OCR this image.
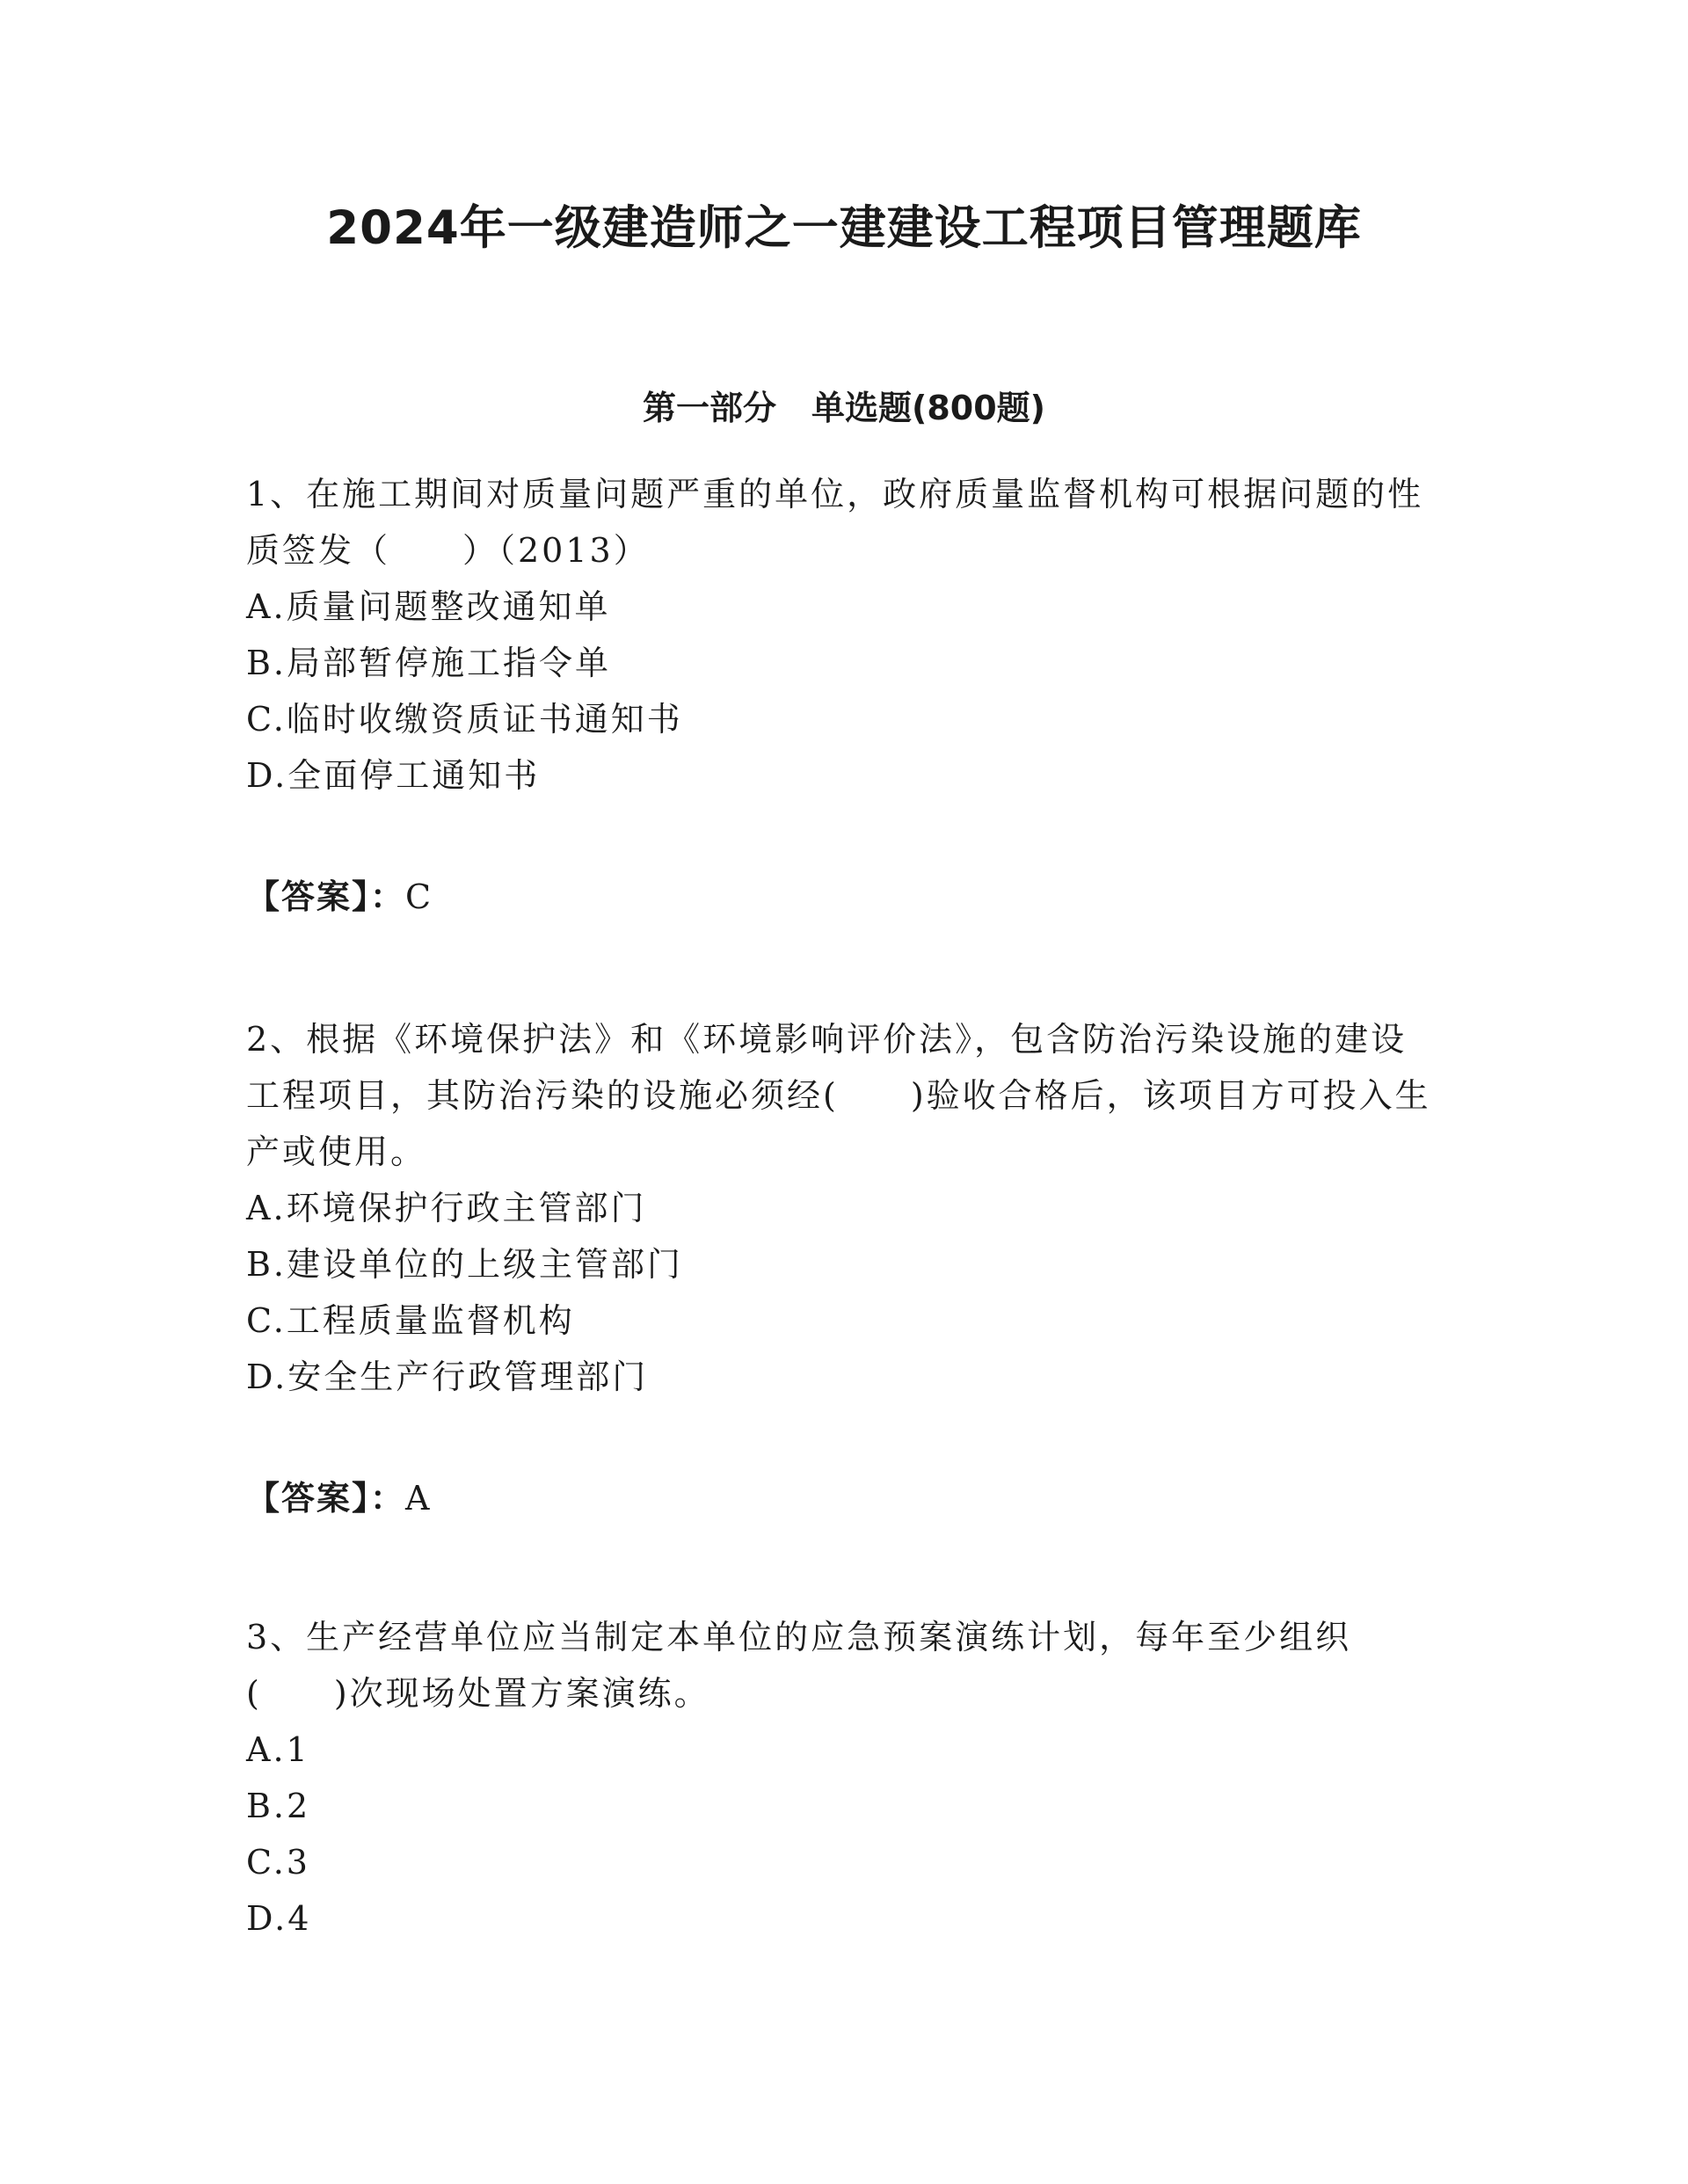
2024年一级建造师之一建建设工程项目管理题库
第一部分 单选题(800题)

1、在施工期间对质量问题严重的单位，政府质量监督机构可根据问题的性质签发（　　）（2013）

A.质量问题整改通知单
B.局部暂停施工指令单
C.临时收缴资质证书通知书
D.全面停工通知书
【答案】：C

2、根据《环境保护法》和《环境影响评价法》，包含防治污染设施的建设工程项目，其防治污染的设施必须经(　　)验收合格后，该项目方可投入生产或使用。

A.环境保护行政主管部门
B.建设单位的上级主管部门
C.工程质量监督机构
D.安全生产行政管理部门
【答案】：A

3、生产经营单位应当制定本单位的应急预案演练计划，每年至少组织(　　)次现场处置方案演练。

A.1
B.2
C.3
D.4
